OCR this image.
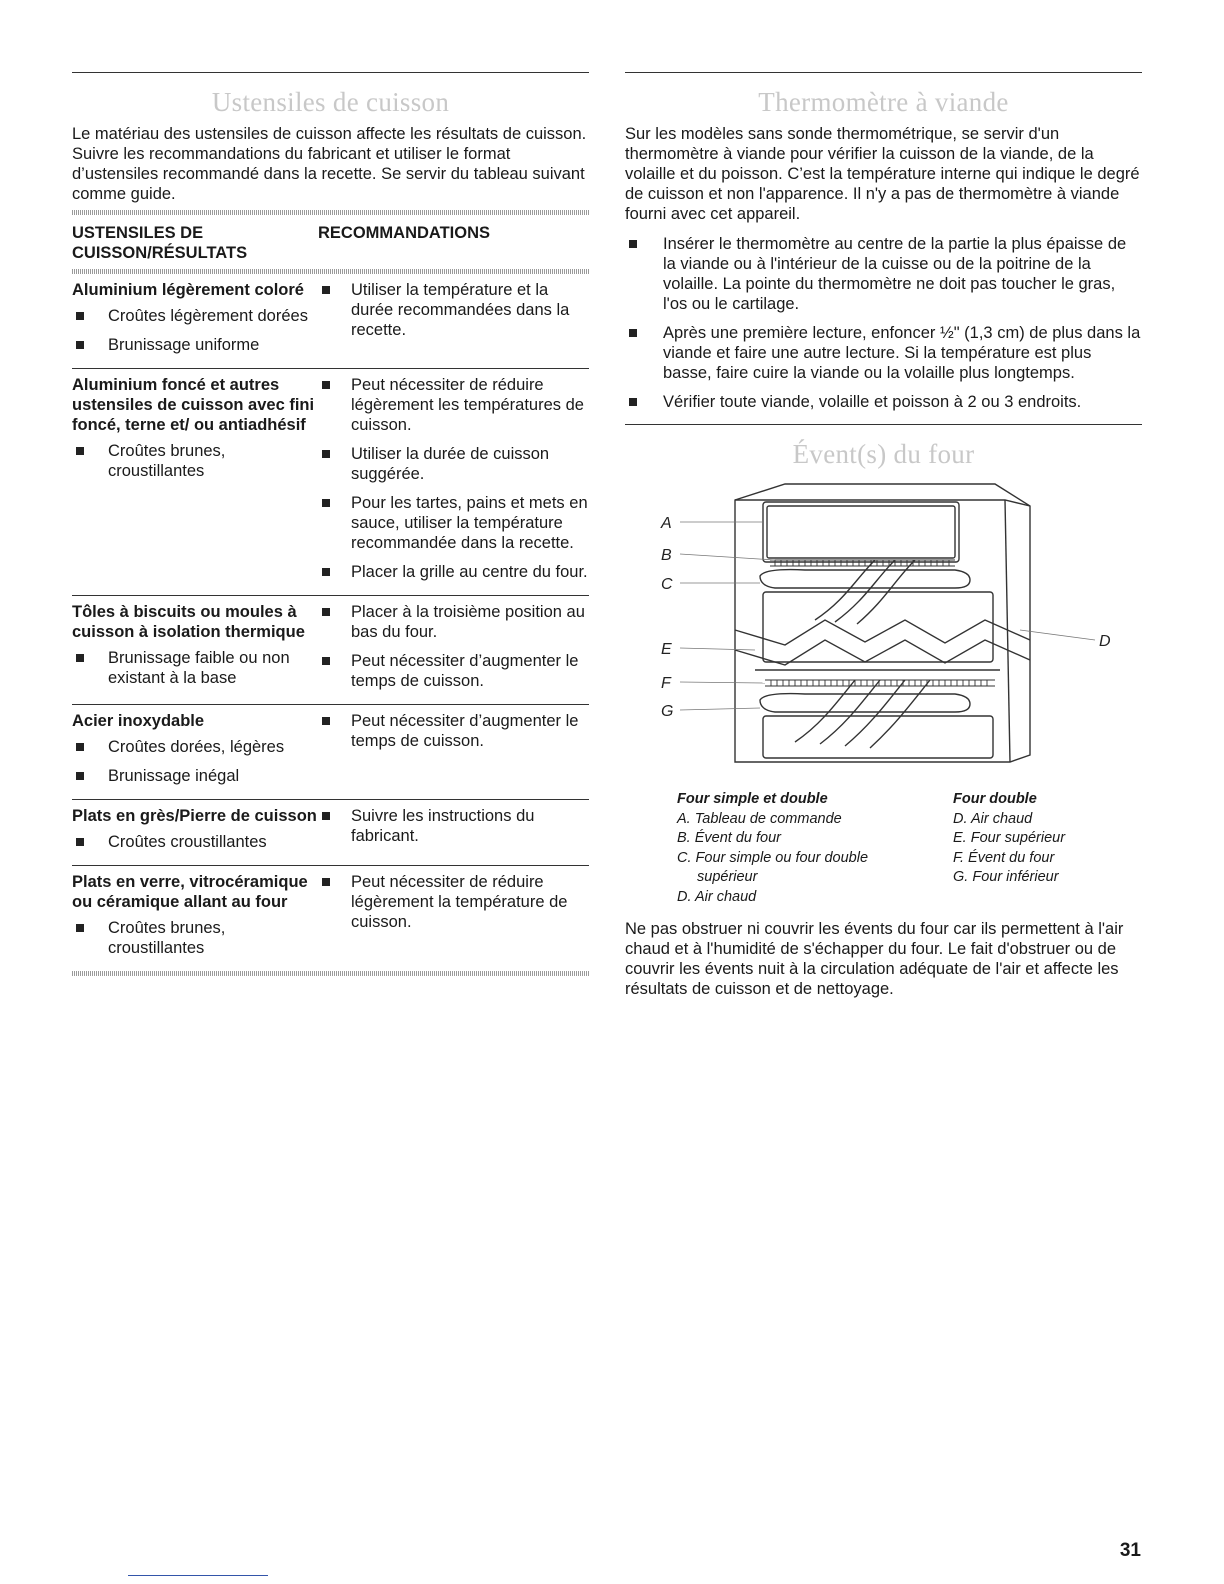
Ustensiles de cuisson

Le matériau des ustensiles de cuisson affecte les résultats de cuisson. Suivre les recommandations du fabricant et utiliser le format d’ustensiles recommandé dans la recette. Se servir du tableau suivant comme guide.

USTENSILES DE CUISSON/RÉSULTATS
RECOMMANDATIONS

Aluminium légèrement coloré

Croûtes légèrement dorées
Brunissage uniforme
Utiliser la température et la durée recommandées dans la recette.

Aluminium foncé et autres ustensiles de cuisson avec fini foncé, terne et/ ou antiadhésif

Croûtes brunes, croustillantes
Peut nécessiter de réduire légèrement les températures de cuisson.
Utiliser la durée de cuisson suggérée.
Pour les tartes, pains et mets en sauce, utiliser la température recommandée dans la recette.
Placer la grille au centre du four.

Tôles à biscuits ou moules à cuisson à isolation thermique

Brunissage faible ou non existant à la base
Placer à la troisième position au bas du four.
Peut nécessiter d’augmenter le temps de cuisson.

Acier inoxydable

Croûtes dorées, légères
Brunissage inégal
Peut nécessiter d’augmenter le temps de cuisson.

Plats en grès/Pierre de cuisson

Croûtes croustillantes
Suivre les instructions du fabricant.

Plats en verre, vitrocéramique ou céramique allant au four

Croûtes brunes, croustillantes
Peut nécessiter de réduire légèrement la température de cuisson.
Thermomètre à viande

Sur les modèles sans sonde thermométrique, se servir d'un thermomètre à viande pour vérifier la cuisson de la viande, de la volaille et du poisson. C’est la température interne qui indique le degré de cuisson et non l'apparence. Il n'y a pas de thermomètre à viande fourni avec cet appareil.

Insérer le thermomètre au centre de la partie la plus épaisse de la viande ou à l'intérieur de la cuisse ou de la poitrine de la volaille. La pointe du thermomètre ne doit pas toucher le gras, l'os ou le cartilage.
Après une première lecture, enfoncer ½" (1,3 cm) de plus dans la viande et faire une autre lecture. Si la température est plus basse, faire cuire la viande ou la volaille plus longtemps.
Vérifier toute viande, volaille et poisson à 2 ou 3 endroits.
Évent(s) du four
A
B
C
E
F
G
D
Four simple et double
A. Tableau de commande
B. Évent du four
C. Four simple ou four double
supérieur
D. Air chaud
Four double
D. Air chaud
E. Four supérieur
F. Évent du four
G. Four inférieur

Ne pas obstruer ni couvrir les évents du four car ils permettent à l'air chaud et à l'humidité de s'échapper du four. Le fait d'obstruer ou de couvrir les évents nuit à la circulation adéquate de l'air et affecte les résultats de cuisson et de nettoyage.

31
